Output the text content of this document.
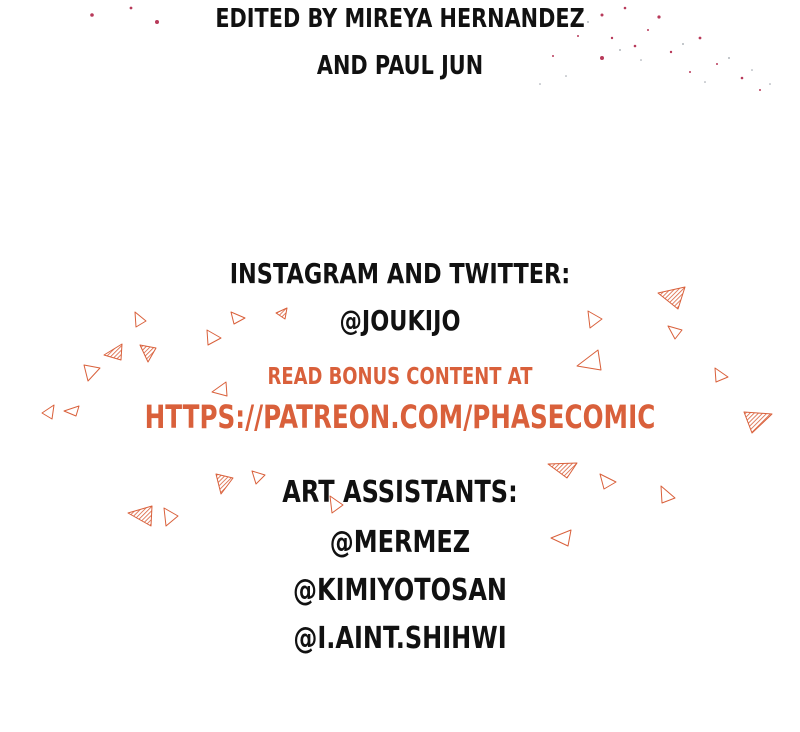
EDITED BY MIREYA HERNANDEZ
AND PAUL JUN
INSTAGRAM AND TWITTER:
@JOUKIJO
READ BONUS CONTENT AT
HTTPS://PATREON.COM/PHASECOMIC
ART ASSISTANTS:
@MERMEZ
@KIMIYOTOSAN
@I.AINT.SHIHWI
